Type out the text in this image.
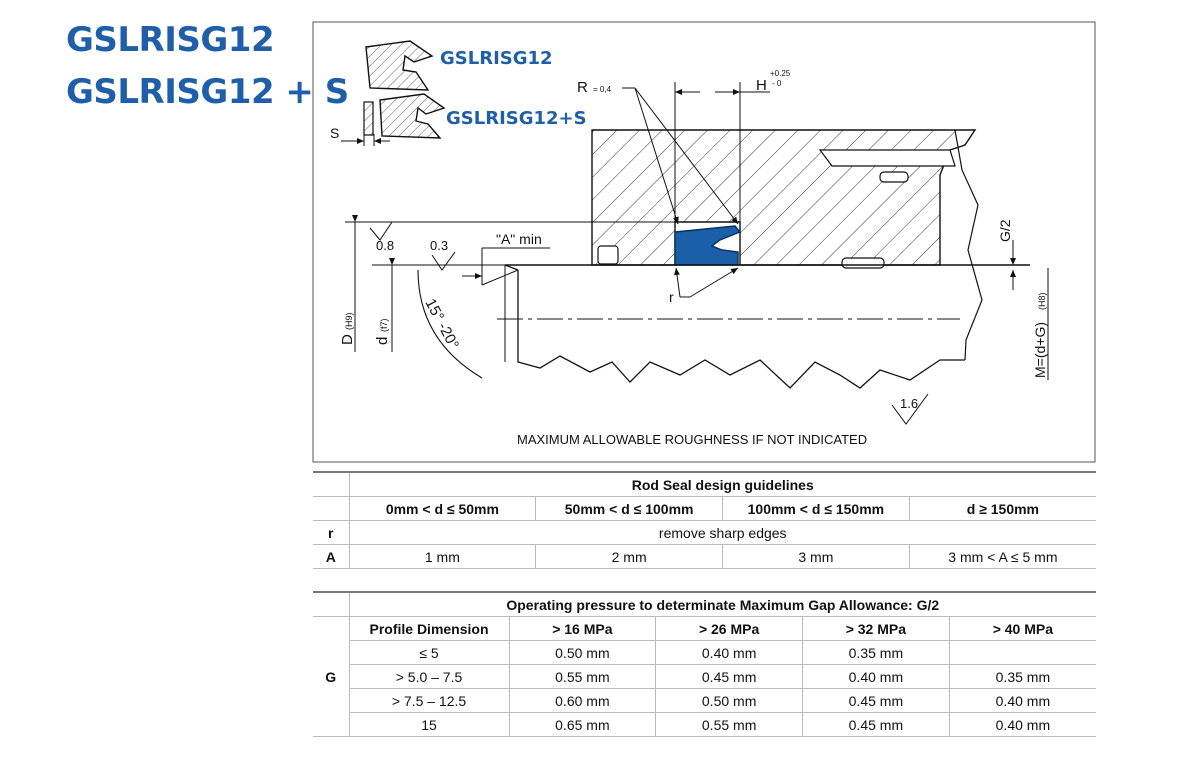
GSLRISG12
GSLRISG12 + S
GSLRISG12
GSLRISG12+S
S
D
(H9)
d
(f7)
0.8	0.3	"A" min
15° -20°
R = 0,4	H
+0.25
- 0
r
G/2
M=(d+G)
(H8)
1.6
MAXIMUM ALLOWABLE ROUGHNESS IF NOT INDICATED
	Rod Seal design guidelines			
	0mm < d ≤ 50mm	50mm < d ≤ 100mm	100mm < d ≤ 150mm	d ≥ 150mm
r	remove sharp edges			
A	1 mm	2 mm	3 mm	3 mm < A ≤ 5 mm
	Operating pressure to determinate Maximum Gap Allowance: G/2				
G	Profile Dimension	> 16 MPa	> 26 MPa	> 32 MPa	> 40 MPa
	≤ 5	0.50 mm	0.40 mm	0.35 mm	
	> 5.0 – 7.5	0.55 mm	0.45 mm	0.40 mm	0.35 mm
	> 7.5 – 12.5	0.60 mm	0.50 mm	0.45 mm	0.40 mm
	15	0.65 mm	0.55 mm	0.45 mm	0.40 mm
